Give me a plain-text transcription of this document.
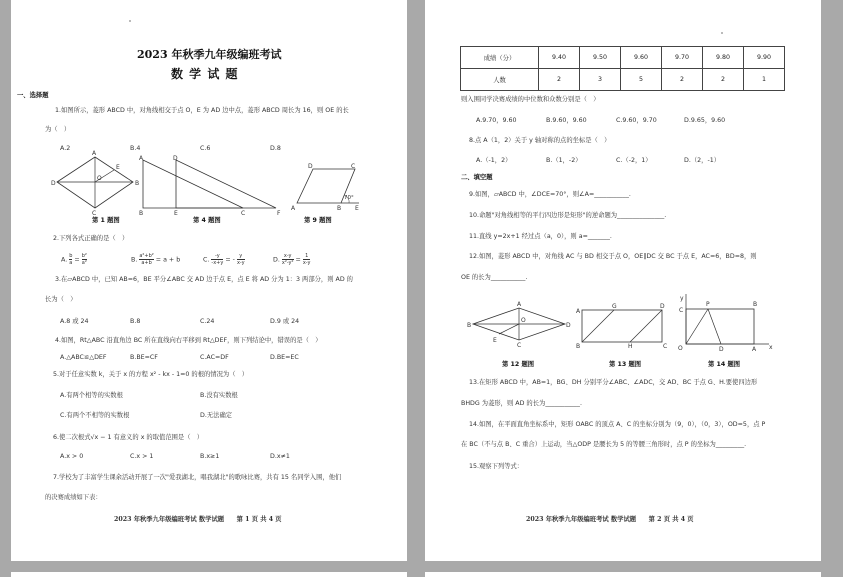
2023 年秋季九年级编班考试
数 学 试 题
一、选择题
1.如图所示，菱形 ABCD 中，对角线相交于点 O，E 为 AD 边中点，菱形 ABCD 周长为 16，则 OE 的长
为（　）
A.2	B.4	C.6	D.8
A
B
C
D
E
O
第 1 题图
A	D
B	E	C	F
第 4 题图
A	B E
C
D
70°
第 9 题图
2.下列各式正确的是（　）
A. $\frac{b}{a} = \frac{\text{b²}}{\text{a²}}$	B. $\frac{\text{a²+b²}}{a+b} = a + b$	C. $\frac{-y}{-x+y}$ = - $\frac{y}{x-y}$	D. $\frac{x-y}{\text{x²-y²}} = \frac{1}{x-y}$
3.在▱ABCD 中，已知 AB=6，BE 平分∠ABC 交 AD 边于点 E，点 E 将 AD 分为 1：3 两部分，则 AD 的
长为（　）
A.8 或 24	B.8	C.24	D.9 或 24
4.如图，Rt△ABC 沿直角边 BC 所在直线向右平移到 Rt△DEF，则下列结论中，错误的是（　）
A.△ABC≌△DEF	B.BE=CF	C.AC=DF	D.BE=EC
5.对于任意实数 k，关于 x 的方程 x² - kx - 1=0 的根的情况为（　）
A.有两个相等的实数根	B.没有实数根
C.有两个不相等的实数根	D.无法确定
6.使二次根式√x − 1 有意义的 x 的取值范围是（　）
A.x > 0	C.x > 1	B.x≥1	D.x≠1
7.学校为了丰富学生课余活动开展了一次"爱我湖北，唱我湖北"的歌咏比赛，共有 15 名同学入围，他们
的决赛成绩如下表：
2023 年秋季九年级编班考试 数学试题　　第 1 页 共 4 页
成绩（分）	9.40	9.50	9.60	9.70	9.80	9.90
人数	2	3	5	2	2	1
则入围同学决赛成绩的中位数和众数分别是（　）
A.9.70，9.60	B.9.60，9.60	C.9.60，9.70	D.9.65，9.60
8.点 A（1，2）关于 y 轴对称的点的坐标是（　）
A.（-1，2）	B.（1，-2）	C.（-2，1）	D.（2，-1）
二、填空题
9.如图，▱ABCD 中，∠DCE=70°，则∠A=___________.
10.命题"对角线相等的平行四边形是矩形"的逆命题为_______________.
11.直线 y=2x+1 经过点（a，0），则 a=_______.
12.如图，菱形 ABCD 中，对角线 AC 与 BD 相交于点 O，OE∥DC 交 BC 于点 E，AC=6，BD=8，则
OE 的长为___________.
B
A
D
C
O
E
第 12 题图
A
B
G	D
H	C
第 13 题图
y
C
P	B
O	D	A x
第 14 题图
13.在矩形 ABCD 中，AB=1，BG、DH 分别平分∠ABC、∠ADC，交 AD、BC 于点 G、H.要使四边形
BHDG 为菱形，则 AD 的长为___________.
14.如图，在平面直角坐标系中，矩形 OABC 的顶点 A、C 的坐标分别为（9，0），（0，3），OD=5，点 P
在 BC（不与点 B、C 重合）上运动，当△ODP 是腰长为 5 的等腰三角形时，点 P 的坐标为_________.
15.观察下列等式：
2023 年秋季九年级编班考试 数学试题　　第 2 页 共 4 页
